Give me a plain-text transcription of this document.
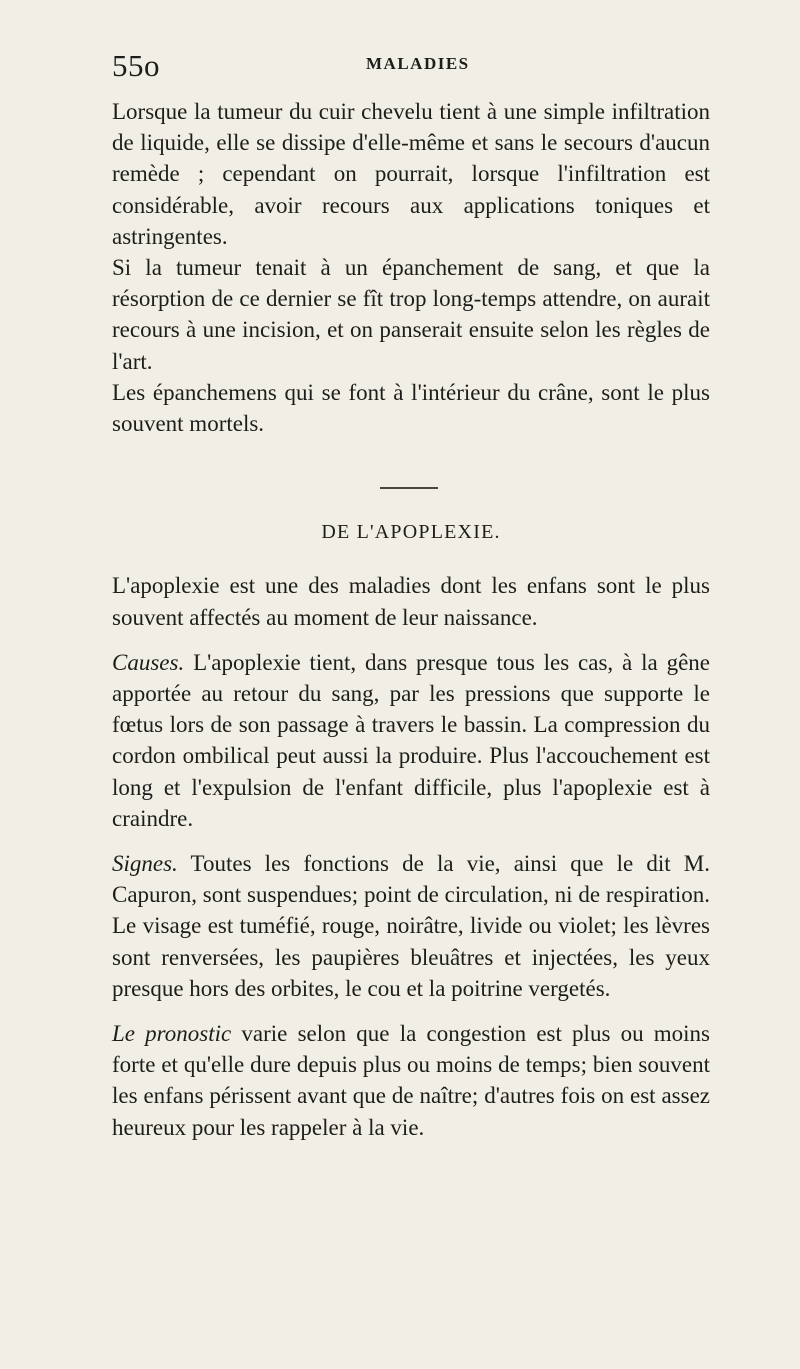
55o	MALADIES

Lorsque la tumeur du cuir chevelu tient à une simple infiltration de liquide, elle se dissipe d'elle-même et sans le secours d'aucun remède ; cependant on pourrait, lorsque l'infiltration est considérable, avoir recours aux applications toniques et astringentes.

Si la tumeur tenait à un épanchement de sang, et que la résorption de ce dernier se fît trop long-temps attendre, on aurait recours à une incision, et on panserait ensuite selon les règles de l'art.

Les épanchemens qui se font à l'intérieur du crâne, sont le plus souvent mortels.

DE L'APOPLEXIE.

L'apoplexie est une des maladies dont les enfans sont le plus souvent affectés au moment de leur naissance.

Causes. L'apoplexie tient, dans presque tous les cas, à la gêne apportée au retour du sang, par les pressions que supporte le fœtus lors de son passage à travers le bassin. La compression du cordon ombilical peut aussi la produire. Plus l'accouchement est long et l'expulsion de l'enfant difficile, plus l'apoplexie est à craindre.

Signes. Toutes les fonctions de la vie, ainsi que le dit M. Capuron, sont suspendues; point de circulation, ni de respiration. Le visage est tuméfié, rouge, noirâtre, livide ou violet; les lèvres sont renversées, les paupières bleuâtres et injectées, les yeux presque hors des orbites, le cou et la poitrine vergetés.

Le pronostic varie selon que la congestion est plus ou moins forte et qu'elle dure depuis plus ou moins de temps; bien souvent les enfans périssent avant que de naître; d'autres fois on est assez heureux pour les rappeler à la vie.
